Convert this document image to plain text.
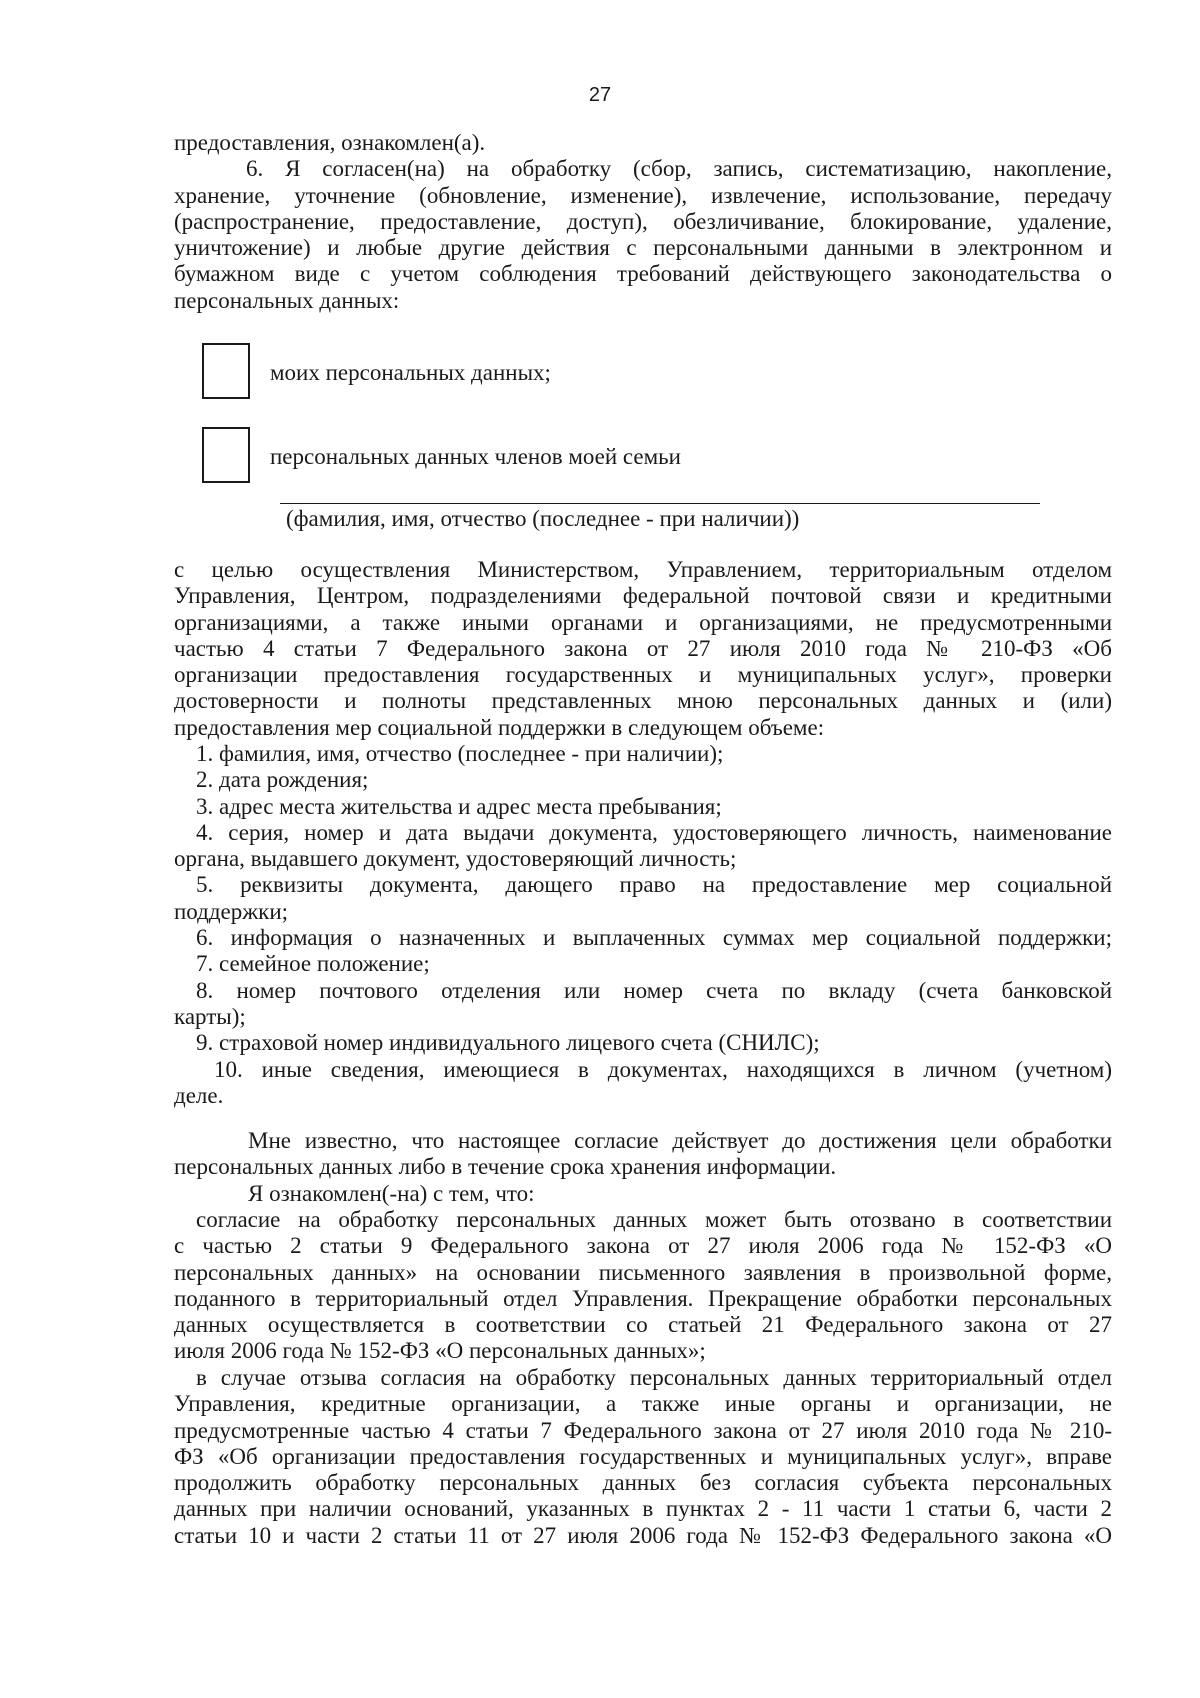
27

предоставления, ознакомлен(а).

6. Я согласен(на) на обработку (сбор, запись, систематизацию, накопление,

хранение, уточнение (обновление, изменение), извлечение, использование, передачу

(распространение, предоставление, доступ), обезличивание, блокирование, удаление,

уничтожение) и любые другие действия с персональными данными в электронном и

бумажном виде с учетом соблюдения требований действующего законодательства о

персональных данных:

моих персональных данных;
персональных данных членов моей семьи
(фамилия, имя, отчество (последнее - при наличии))

с целью осуществления Министерством, Управлением, территориальным отделом

Управления, Центром, подразделениями федеральной почтовой связи и кредитными

организациями, а также иными органами и организациями, не предусмотренными

частью 4 статьи 7 Федерального закона от 27 июля 2010 года № 210-ФЗ «Об

организации предоставления государственных и муниципальных услуг», проверки

достоверности и полноты представленных мною персональных данных и (или)

предоставления мер социальной поддержки в следующем объеме:

1. фамилия, имя, отчество (последнее - при наличии);

2. дата рождения;

3. адрес места жительства и адрес места пребывания;

4. серия, номер и дата выдачи документа, удостоверяющего личность, наименование

органа, выдавшего документ, удостоверяющий личность;

5. реквизиты документа, дающего право на предоставление мер социальной

поддержки;

6. информация о назначенных и выплаченных суммах мер социальной поддержки;

7. семейное положение;

8. номер почтового отделения или номер счета по вкладу (счета банковской

карты);

9. страховой номер индивидуального лицевого счета (СНИЛС);

10. иные сведения, имеющиеся в документах, находящихся в личном (учетном)

деле.

Мне известно, что настоящее согласие действует до достижения цели обработки

персональных данных либо в течение срока хранения информации.

Я ознакомлен(-на) с тем, что:

согласие на обработку персональных данных может быть отозвано в соответствии

с частью 2 статьи 9 Федерального закона от 27 июля 2006 года № 152-ФЗ «О

персональных данных» на основании письменного заявления в произвольной форме,

поданного в территориальный отдел Управления. Прекращение обработки персональных

данных осуществляется в соответствии со статьей 21 Федерального закона от 27

июля 2006 года № 152-ФЗ «О персональных данных»;

в случае отзыва согласия на обработку персональных данных территориальный отдел

Управления, кредитные организации, а также иные органы и организации, не

предусмотренные частью 4 статьи 7 Федерального закона от 27 июля 2010 года № 210-

ФЗ «Об организации предоставления государственных и муниципальных услуг», вправе

продолжить обработку персональных данных без согласия субъекта персональных

данных при наличии оснований, указанных в пунктах 2 - 11 части 1 статьи 6, части 2

статьи 10 и части 2 статьи 11 от 27 июля 2006 года № 152-ФЗ Федерального закона «О
